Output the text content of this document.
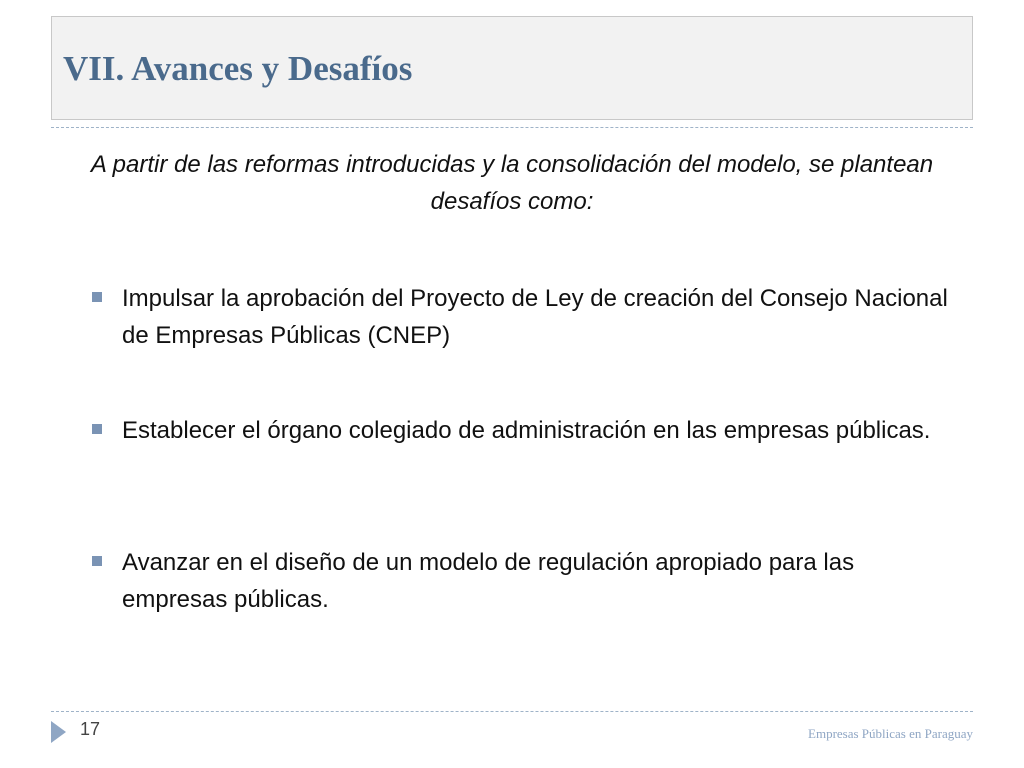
VII. Avances y Desafíos

A partir de las reformas introducidas y la consolidación del modelo, se plantean desafíos como:

Impulsar la aprobación del Proyecto de Ley de creación del Consejo Nacional de Empresas Públicas (CNEP)
Establecer el órgano colegiado de administración en las empresas públicas.
Avanzar en el diseño de un modelo de regulación apropiado para las empresas públicas.
17	Empresas Públicas en Paraguay
